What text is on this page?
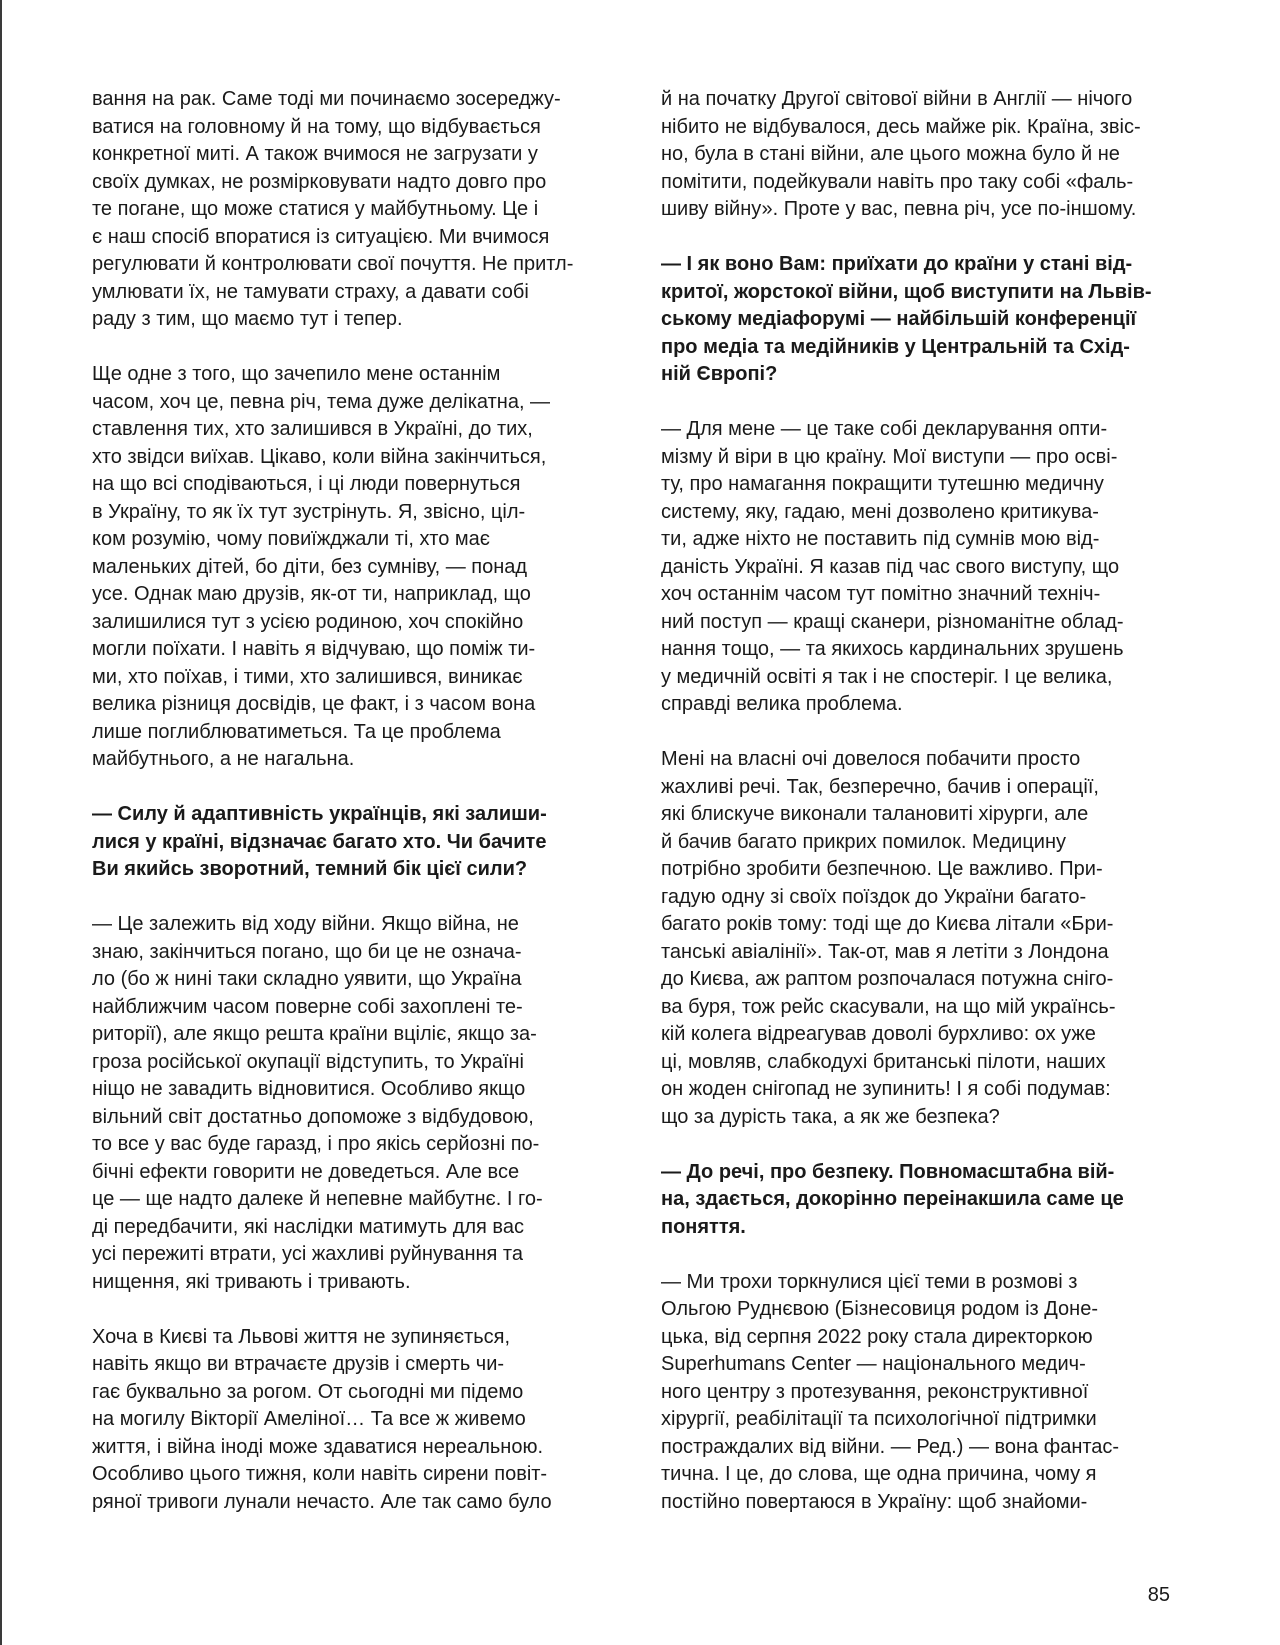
вання на рак. Саме тоді ми починаємо зосереджу-
ватися на головному й на тому, що відбувається
конкретної миті. А також вчимося не загрузати у
своїх думках, не розмірковувати надто довго про
те погане, що може статися у майбутньому. Це і
є наш спосіб впоратися із ситуацією. Ми вчимося
регулювати й контролювати свої почуття. Не притл-
умлювати їх, не тамувати страху, а давати собі
раду з тим, що маємо тут і тепер.

Ще одне з того, що зачепило мене останнім
часом, хоч це, певна річ, тема дуже делікатна, —
ставлення тих, хто залишився в Україні, до тих,
хто звідси виїхав. Цікаво, коли війна закінчиться,
на що всі сподіваються, і ці люди повернуться
в Україну, то як їх тут зустрінуть. Я, звісно, ціл-
ком розумію, чому повиїжджали ті, хто має
маленьких дітей, бо діти, без сумніву, — понад
усе. Однак маю друзів, як-от ти, наприклад, що
залишилися тут з усією родиною, хоч спокійно
могли поїхати. І навіть я відчуваю, що поміж ти-
ми, хто поїхав, і тими, хто залишився, виникає
велика різниця досвідів, це факт, і з часом вона
лише поглиблюватиметься. Та це проблема
майбутнього, а не нагальна.

— Силу й адаптивність українців, які залиши-
лися у країні, відзначає багато хто. Чи бачите
Ви якийсь зворотний, темний бік цієї сили?

— Це залежить від ходу війни. Якщо війна, не
знаю, закінчиться погано, що би це не означа-
ло (бо ж нині таки складно уявити, що Україна
найближчим часом поверне собі захоплені те-
риторії), але якщо решта країни вціліє, якщо за-
гроза російської окупації відступить, то Україні
ніщо не завадить відновитися. Особливо якщо
вільний світ достатньо допоможе з відбудовою,
то все у вас буде гаразд, і про якісь серйозні по-
бічні ефекти говорити не доведеться. Але все
це — ще надто далеке й непевне майбутнє. І го-
ді передбачити, які наслідки матимуть для вас
усі пережиті втрати, усі жахливі руйнування та
нищення, які тривають і тривають.

Хоча в Києві та Львові життя не зупиняється,
навіть якщо ви втрачаєте друзів і смерть чи-
гає буквально за рогом. От сьогодні ми підемо
на могилу Вікторії Амеліної… Та все ж живемо
життя, і війна іноді може здаватися нереальною.
Особливо цього тижня, коли навіть сирени повіт-
ряної тривоги лунали нечасто. Але так само було

й на початку Другої світової війни в Англії — нічого
нібито не відбувалося, десь майже рік. Країна, звіс-
но, була в стані війни, але цього можна було й не
помітити, подейкували навіть про таку собі «фаль-
шиву війну». Проте у вас, певна річ, усе по-іншому.

— І як воно Вам: приїхати до країни у стані від-
критої, жорстокої війни, щоб виступити на Львів-
ському медіафорумі — найбільшій конференції
про медіа та медійників у Центральній та Схід-
ній Європі?

— Для мене — це таке собі декларування опти-
мізму й віри в цю країну. Мої виступи — про осві-
ту, про намагання покращити тутешню медичну
систему, яку, гадаю, мені дозволено критикува-
ти, адже ніхто не поставить під сумнів мою від-
даність Україні. Я казав під час свого виступу, що
хоч останнім часом тут помітно значний техніч-
ний поступ — кращі сканери, різноманітне облад-
нання тощо, — та якихось кардинальних зрушень
у медичній освіті я так і не спостеріг. І це велика,
справді велика проблема.

Мені на власні очі довелося побачити просто
жахливі речі. Так, безперечно, бачив і операції,
які блискуче виконали талановиті хірурги, але
й бачив багато прикрих помилок. Медицину
потрібно зробити безпечною. Це важливо. При-
гадую одну зі своїх поїздок до України багато-
багато років тому: тоді ще до Києва літали «Бри-
танські авіалінії». Так-от, мав я летіти з Лондона
до Києва, аж раптом розпочалася потужна сніго-
ва буря, тож рейс скасували, на що мій українсь-
кій колега відреагував доволі бурхливо: ох уже
ці, мовляв, слабкодухі британські пілоти, наших
он жоден снігопад не зупинить! І я собі подумав:
що за дурість така, а як же безпека?

— До речі, про безпеку. Повномасштабна вій-
на, здається, докорінно переінакшила саме це
поняття.

— Ми трохи торкнулися цієї теми в розмові з
Ольгою Руднєвою (Бізнесовиця родом із Доне-
цька, від серпня 2022 року стала директоркою
Superhumans Center — національного медич-
ного центру з протезування, реконструктивної
хірургії, реабілітації та психологічної підтримки
постраждалих від війни. — Ред.) — вона фантас-
тична. І це, до слова, ще одна причина, чому я
постійно повертаюся в Україну: щоб знайоми-

85
